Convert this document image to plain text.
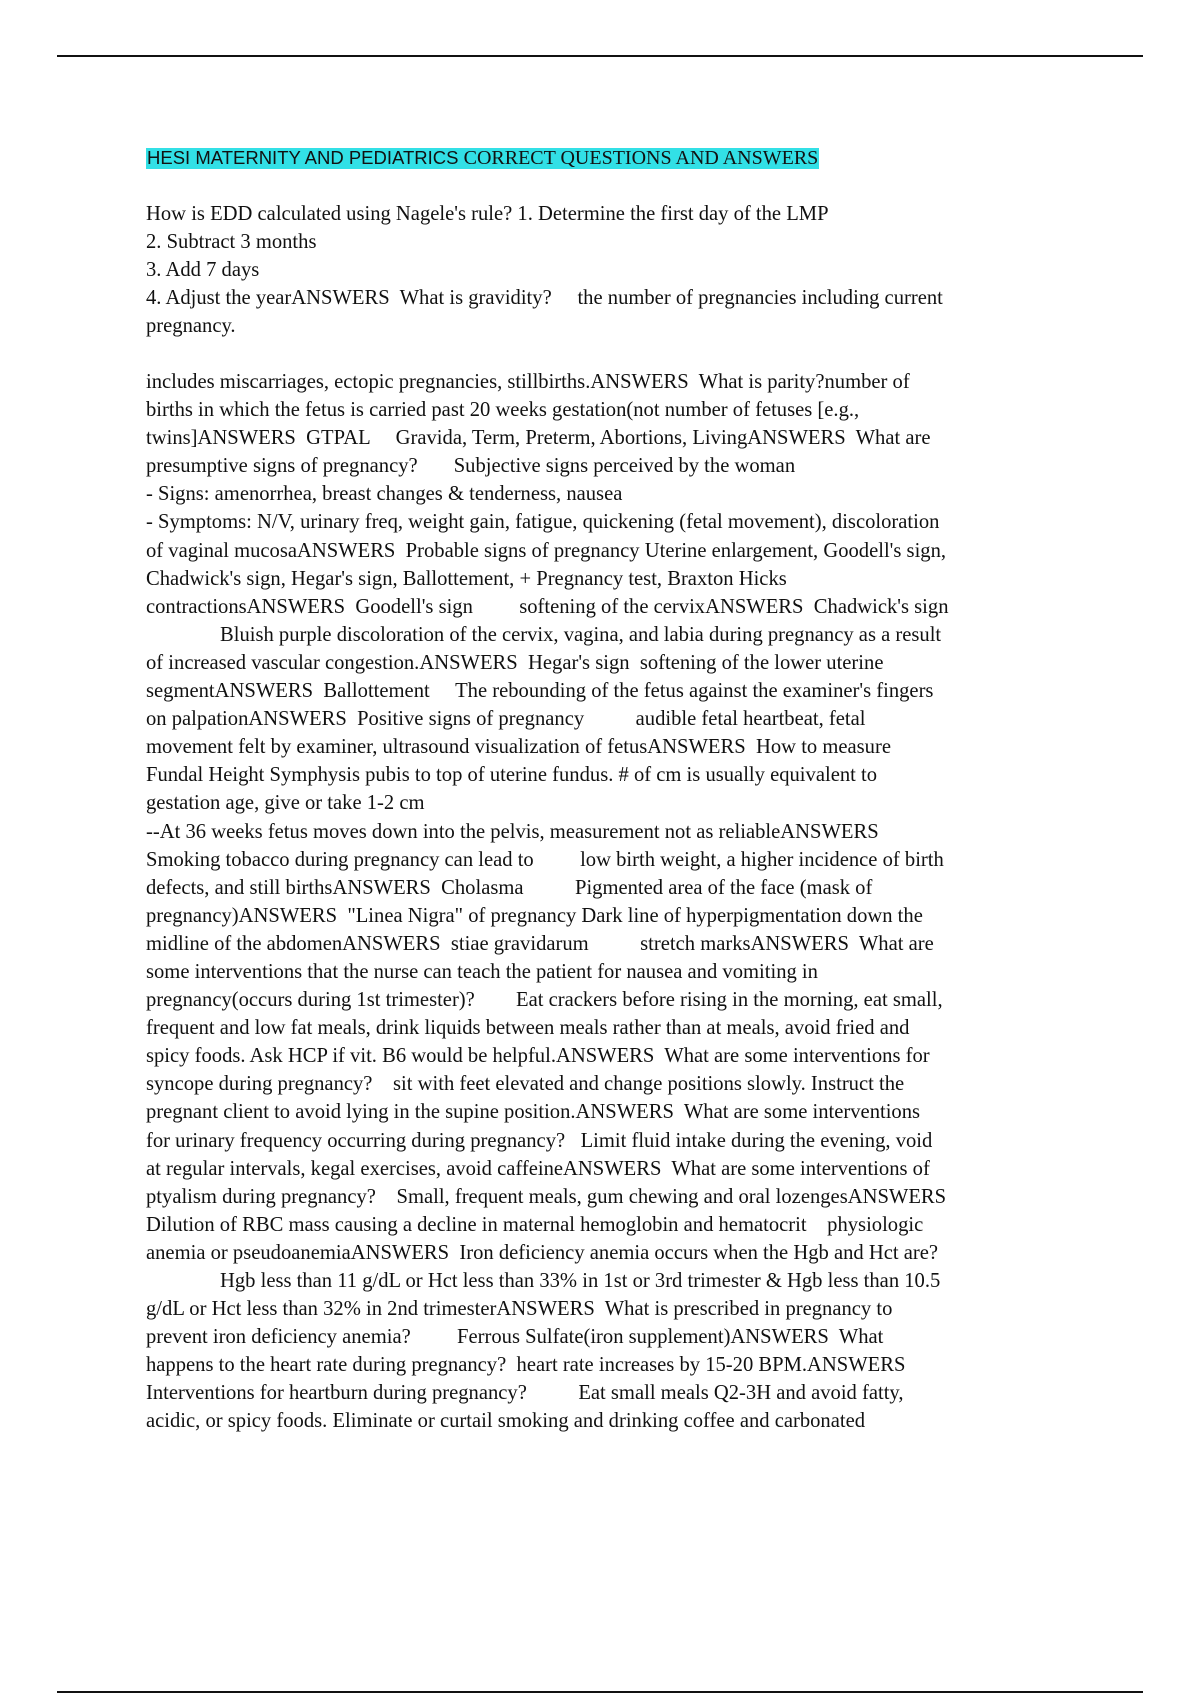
HESI MATERNITY AND PEDIATRICS CORRECT QUESTIONS AND ANSWERS
How is EDD calculated using Nagele's rule? 1. Determine the first day of the LMP
2. Subtract 3 months
3. Add 7 days
4. Adjust the yearANSWERS  What is gravidity?     the number of pregnancies including current
pregnancy.
includes miscarriages, ectopic pregnancies, stillbirths.ANSWERS  What is parity?number of
births in which the fetus is carried past 20 weeks gestation(not number of fetuses [e.g.,
twins]ANSWERS  GTPAL     Gravida, Term, Preterm, Abortions, LivingANSWERS  What are
presumptive signs of pregnancy?       Subjective signs perceived by the woman
- Signs: amenorrhea, breast changes & tenderness, nausea
- Symptoms: N/V, urinary freq, weight gain, fatigue, quickening (fetal movement), discoloration
of vaginal mucosaANSWERS  Probable signs of pregnancy Uterine enlargement, Goodell's sign,
Chadwick's sign, Hegar's sign, Ballottement, + Pregnancy test, Braxton Hicks
contractionsANSWERS  Goodell's sign         softening of the cervixANSWERS  Chadwick's sign
Bluish purple discoloration of the cervix, vagina, and labia during pregnancy as a result
of increased vascular congestion.ANSWERS  Hegar's sign  softening of the lower uterine
segmentANSWERS  Ballottement     The rebounding of the fetus against the examiner's fingers
on palpationANSWERS  Positive signs of pregnancy          audible fetal heartbeat, fetal
movement felt by examiner, ultrasound visualization of fetusANSWERS  How to measure
Fundal Height Symphysis pubis to top of uterine fundus. # of cm is usually equivalent to
gestation age, give or take 1-2 cm
--At 36 weeks fetus moves down into the pelvis, measurement not as reliableANSWERS
Smoking tobacco during pregnancy can lead to         low birth weight, a higher incidence of birth
defects, and still birthsANSWERS  Cholasma          Pigmented area of the face (mask of
pregnancy)ANSWERS  "Linea Nigra" of pregnancy Dark line of hyperpigmentation down the
midline of the abdomenANSWERS  stiae gravidarum          stretch marksANSWERS  What are
some interventions that the nurse can teach the patient for nausea and vomiting in
pregnancy(occurs during 1st trimester)?        Eat crackers before rising in the morning, eat small,
frequent and low fat meals, drink liquids between meals rather than at meals, avoid fried and
spicy foods. Ask HCP if vit. B6 would be helpful.ANSWERS  What are some interventions for
syncope during pregnancy?    sit with feet elevated and change positions slowly. Instruct the
pregnant client to avoid lying in the supine position.ANSWERS  What are some interventions
for urinary frequency occurring during pregnancy?   Limit fluid intake during the evening, void
at regular intervals, kegal exercises, avoid caffeineANSWERS  What are some interventions of
ptyalism during pregnancy?    Small, frequent meals, gum chewing and oral lozengesANSWERS
Dilution of RBC mass causing a decline in maternal hemoglobin and hematocrit    physiologic
anemia or pseudoanemiaANSWERS  Iron deficiency anemia occurs when the Hgb and Hct are?
Hgb less than 11 g/dL or Hct less than 33% in 1st or 3rd trimester & Hgb less than 10.5
g/dL or Hct less than 32% in 2nd trimesterANSWERS  What is prescribed in pregnancy to
prevent iron deficiency anemia?         Ferrous Sulfate(iron supplement)ANSWERS  What
happens to the heart rate during pregnancy?  heart rate increases by 15-20 BPM.ANSWERS
Interventions for heartburn during pregnancy?          Eat small meals Q2-3H and avoid fatty,
acidic, or spicy foods. Eliminate or curtail smoking and drinking coffee and carbonated
